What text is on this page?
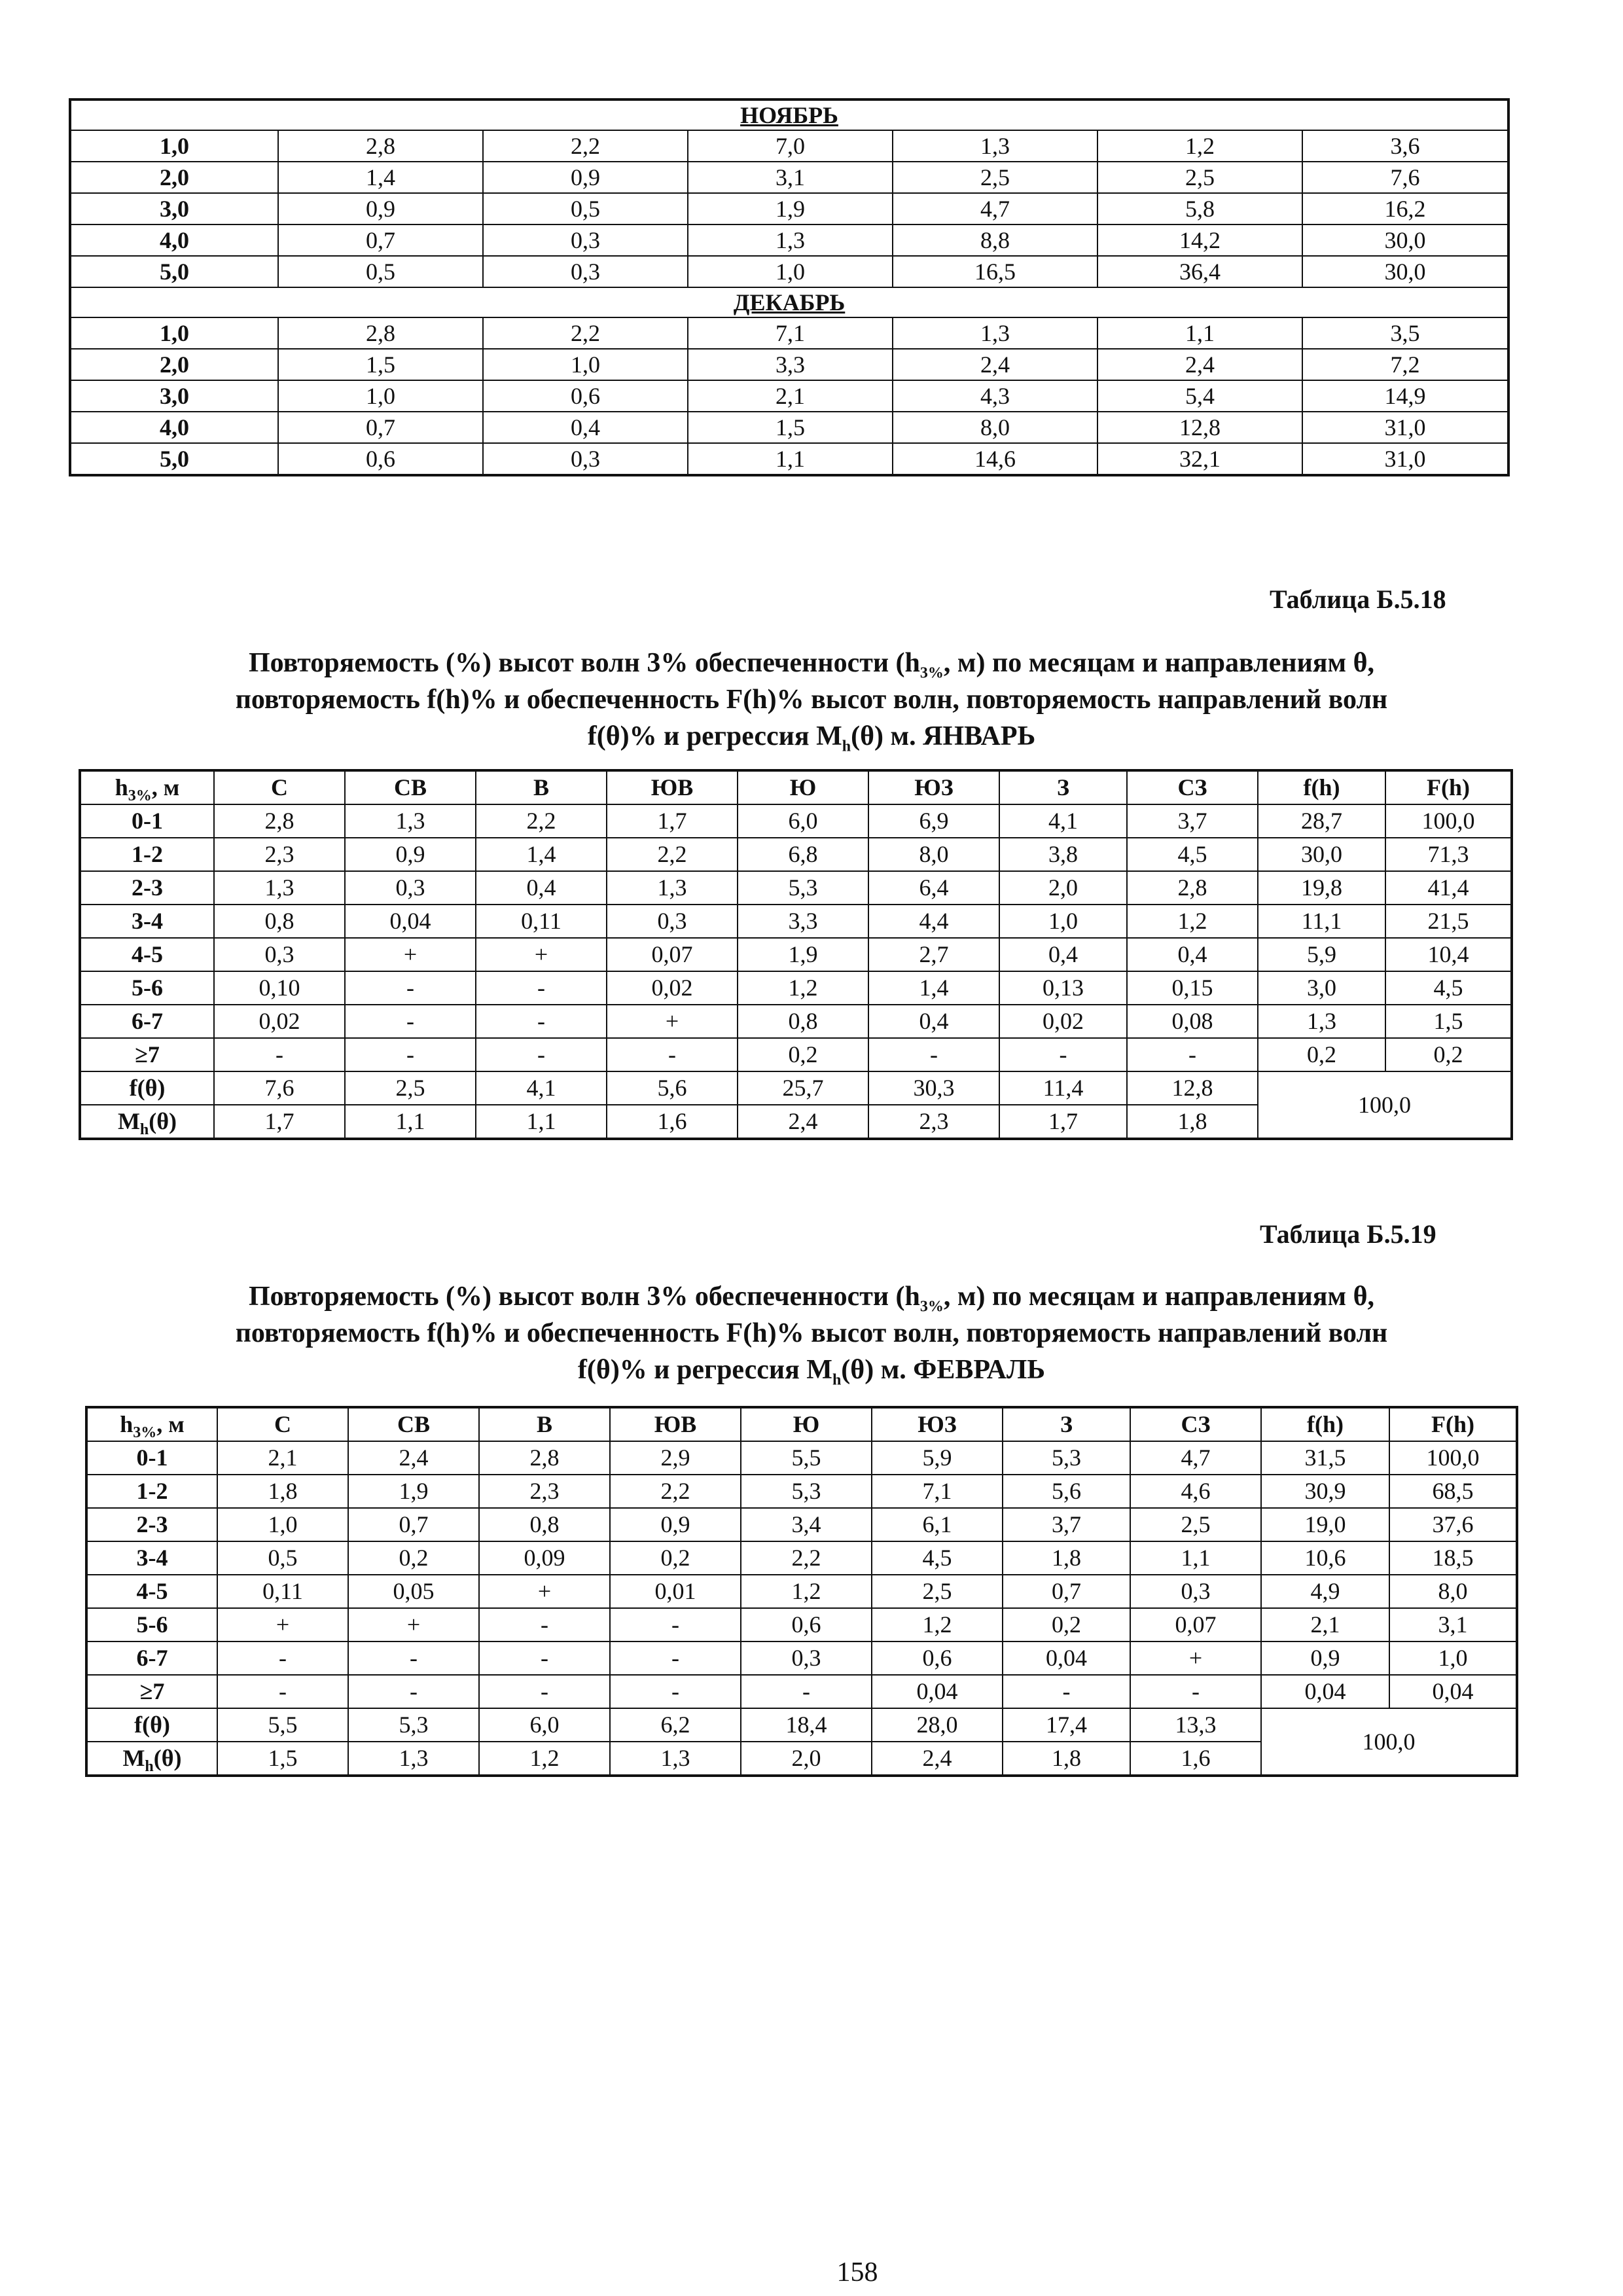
НОЯБРЬ						
1,0	2,8	2,2	7,0	1,3	1,2	3,6
2,0	1,4	0,9	3,1	2,5	2,5	7,6
3,0	0,9	0,5	1,9	4,7	5,8	16,2
4,0	0,7	0,3	1,3	8,8	14,2	30,0
5,0	0,5	0,3	1,0	16,5	36,4	30,0
ДЕКАБРЬ						
1,0	2,8	2,2	7,1	1,3	1,1	3,5
2,0	1,5	1,0	3,3	2,4	2,4	7,2
3,0	1,0	0,6	2,1	4,3	5,4	14,9
4,0	0,7	0,4	1,5	8,0	12,8	31,0
5,0	0,6	0,3	1,1	14,6	32,1	31,0
Таблица Б.5.18
Повторяемость (%) высот волн 3% обеспеченности ($h_{3\%}$, м) по месяцам и направлениям θ,
повторяемость f(h)% и обеспеченность F(h)% высот волн, повторяемость направлений волн
f(θ)% и регрессия $M_h(\theta)$ м. ЯНВАРЬ
$h_{3\%}$, м	С	СВ	В	ЮВ	Ю	ЮЗ	З	СЗ	f(h)	F(h)
0-1	2,8	1,3	2,2	1,7	6,0	6,9	4,1	3,7	28,7	100,0
1-2	2,3	0,9	1,4	2,2	6,8	8,0	3,8	4,5	30,0	71,3
2-3	1,3	0,3	0,4	1,3	5,3	6,4	2,0	2,8	19,8	41,4
3-4	0,8	0,04	0,11	0,3	3,3	4,4	1,0	1,2	11,1	21,5
4-5	0,3	+	+	0,07	1,9	2,7	0,4	0,4	5,9	10,4
5-6	0,10	-	-	0,02	1,2	1,4	0,13	0,15	3,0	4,5
6-7	0,02	-	-	+	0,8	0,4	0,02	0,08	1,3	1,5
≥7	-	-	-	-	0,2	-	-	-	0,2	0,2
f(θ)	7,6	2,5	4,1	5,6	25,7	30,3	11,4	12,8	100,0	
$M_h(\theta)$	1,7	1,1	1,1	1,6	2,4	2,3	1,7	1,8		
Таблица Б.5.19
Повторяемость (%) высот волн 3% обеспеченности ($h_{3\%}$, м) по месяцам и направлениям θ,
повторяемость f(h)% и обеспеченность F(h)% высот волн, повторяемость направлений волн
f(θ)% и регрессия $M_h(\theta)$ м. ФЕВРАЛЬ
$h_{3\%}$, м	С	СВ	В	ЮВ	Ю	ЮЗ	З	СЗ	f(h)	F(h)
0-1	2,1	2,4	2,8	2,9	5,5	5,9	5,3	4,7	31,5	100,0
1-2	1,8	1,9	2,3	2,2	5,3	7,1	5,6	4,6	30,9	68,5
2-3	1,0	0,7	0,8	0,9	3,4	6,1	3,7	2,5	19,0	37,6
3-4	0,5	0,2	0,09	0,2	2,2	4,5	1,8	1,1	10,6	18,5
4-5	0,11	0,05	+	0,01	1,2	2,5	0,7	0,3	4,9	8,0
5-6	+	+	-	-	0,6	1,2	0,2	0,07	2,1	3,1
6-7	-	-	-	-	0,3	0,6	0,04	+	0,9	1,0
≥7	-	-	-	-	-	0,04	-	-	0,04	0,04
f(θ)	5,5	5,3	6,0	6,2	18,4	28,0	17,4	13,3	100,0	
$M_h(\theta)$	1,5	1,3	1,2	1,3	2,0	2,4	1,8	1,6		
158
